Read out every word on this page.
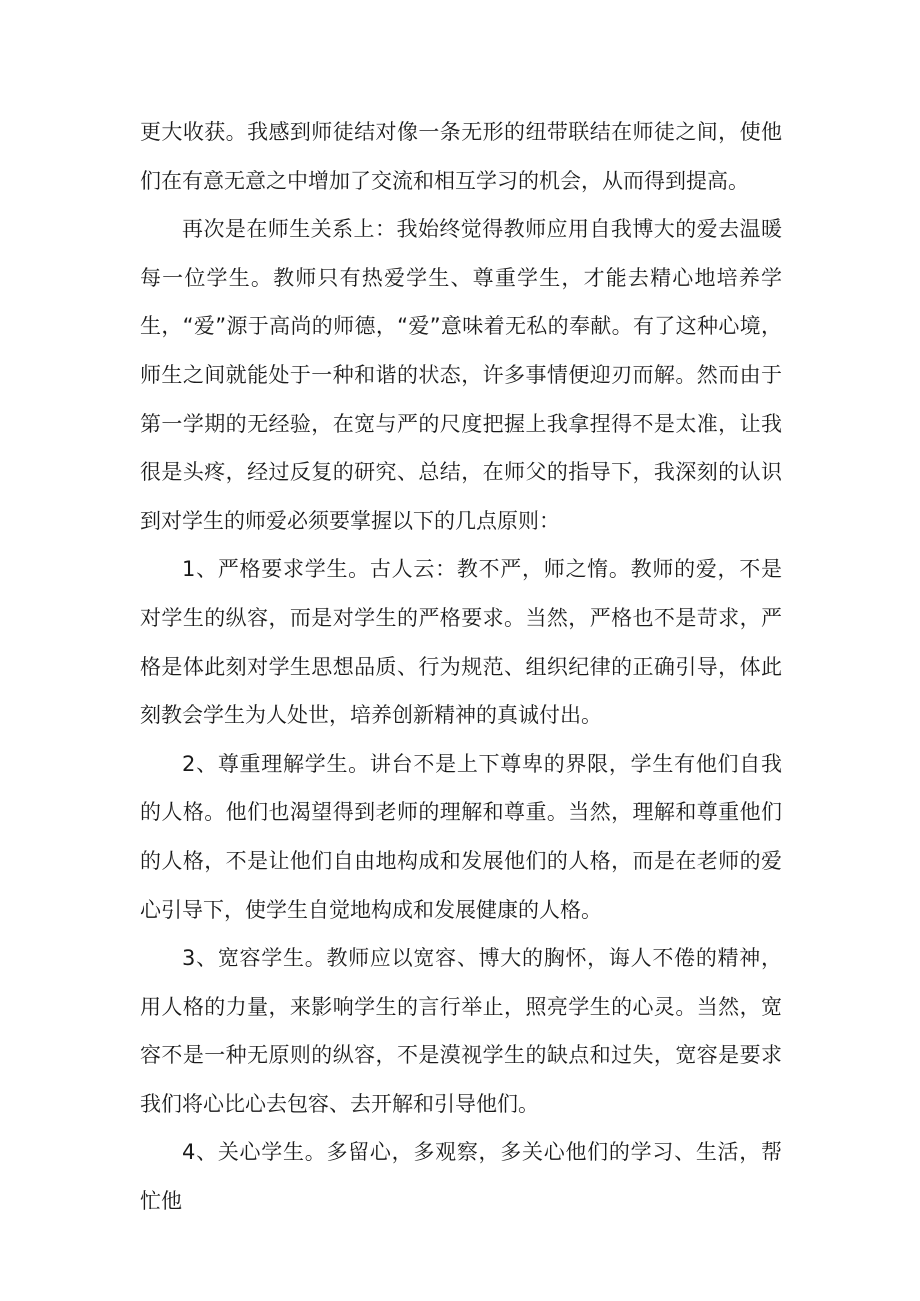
更大收获。我感到师徒结对像一条无形的纽带联结在师徒之间，使他们在有意无意之中增加了交流和相互学习的机会，从而得到提高。

再次是在师生关系上：我始终觉得教师应用自我博大的爱去温暖每一位学生。教师只有热爱学生、尊重学生，才能去精心地培养学生，“爱”源于高尚的师德，“爱”意味着无私的奉献。有了这种心境，师生之间就能处于一种和谐的状态，许多事情便迎刃而解。然而由于第一学期的无经验，在宽与严的尺度把握上我拿捏得不是太准，让我很是头疼，经过反复的研究、总结，在师父的指导下，我深刻的认识到对学生的师爱必须要掌握以下的几点原则：

1、严格要求学生。古人云：教不严，师之惰。教师的爱，不是对学生的纵容，而是对学生的严格要求。当然，严格也不是苛求，严格是体此刻对学生思想品质、行为规范、组织纪律的正确引导，体此刻教会学生为人处世，培养创新精神的真诚付出。

2、尊重理解学生。讲台不是上下尊卑的界限，学生有他们自我的人格。他们也渴望得到老师的理解和尊重。当然，理解和尊重他们的人格，不是让他们自由地构成和发展他们的人格，而是在老师的爱心引导下，使学生自觉地构成和发展健康的人格。

3、宽容学生。教师应以宽容、博大的胸怀，诲人不倦的精神，用人格的力量，来影响学生的言行举止，照亮学生的心灵。当然，宽容不是一种无原则的纵容，不是漠视学生的缺点和过失，宽容是要求我们将心比心去包容、去开解和引导他们。

4、关心学生。多留心，多观察，多关心他们的学习、生活，帮忙他
